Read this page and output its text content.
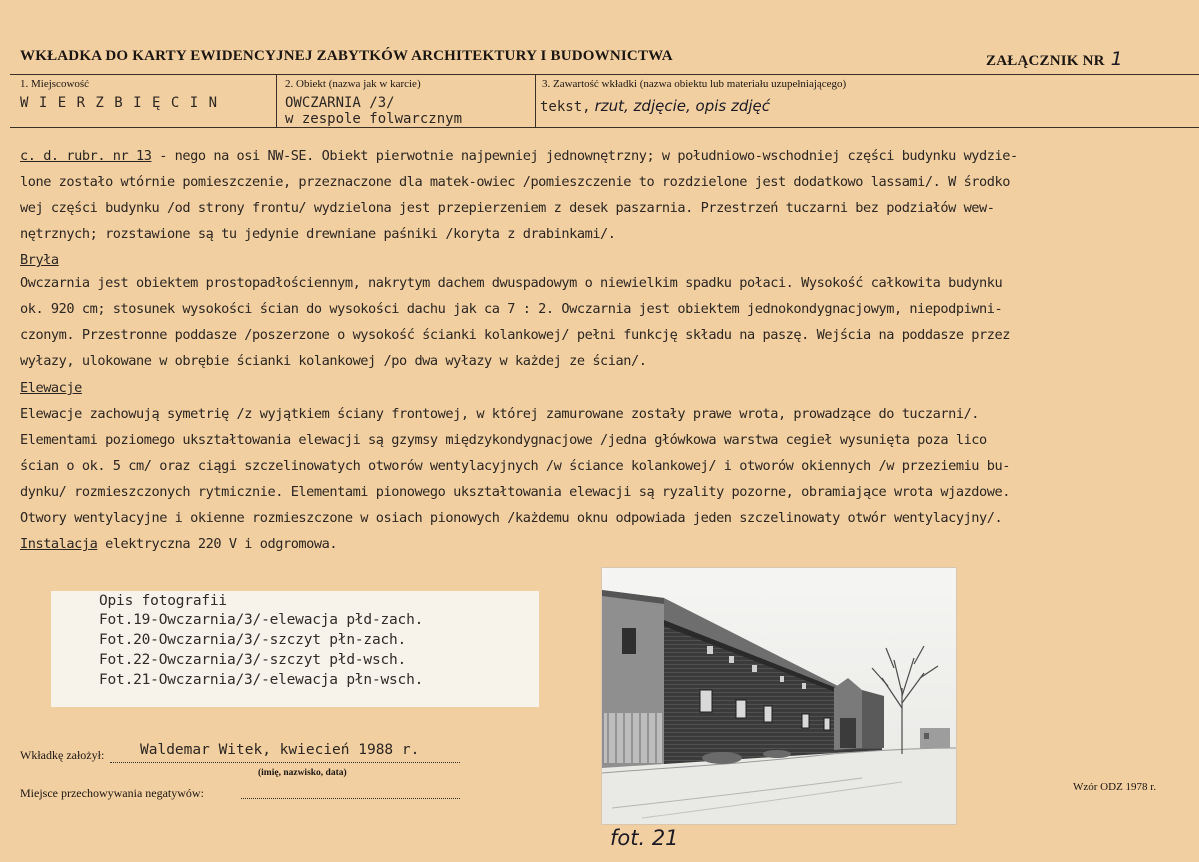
WKŁADKA DO KARTY EWIDENCYJNEJ ZABYTKÓW ARCHITEKTURY I BUDOWNICTWA	ZAŁĄCZNIK NR 1
1. Miejscowość
W I E R Z B I Ę C I N
2. Obiekt (nazwa jak w karcie)
OWCZARNIA /3/
w zespole folwarcznym
3. Zawartość wkładki (nazwa obiektu lub materiału uzupełniającego)
tekst, rzut, zdjęcie, opis zdjęć
c. d. rubr. nr 13 - nego na osi NW-SE. Obiekt pierwotnie najpewniej jednownętrzny; w południowo-wschodniej części budynku wydzie-
lone zostało wtórnie pomieszczenie, przeznaczone dla matek-owiec /pomieszczenie to rozdzielone jest dodatkowo lassami/. W środko
wej części budynku /od strony frontu/ wydzielona jest przepierzeniem z desek paszarnia. Przestrzeń tuczarni bez podziałów wew-
nętrznych; rozstawione są tu jedynie drewniane paśniki /koryta z drabinkami/.
Bryła
Owczarnia jest obiektem prostopadłościennym, nakrytym dachem dwuspadowym o niewielkim spadku połaci. Wysokość całkowita budynku
ok. 920 cm; stosunek wysokości ścian do wysokości dachu jak ca 7 : 2. Owczarnia jest obiektem jednokondygnacjowym, niepodpiwni-
czonym. Przestronne poddasze /poszerzone o wysokość ścianki kolankowej/ pełni funkcję składu na paszę. Wejścia na poddasze przez
wyłazy, ulokowane w obrębie ścianki kolankowej /po dwa wyłazy w każdej ze ścian/.
Elewacje
Elewacje zachowują symetrię /z wyjątkiem ściany frontowej, w której zamurowane zostały prawe wrota, prowadzące do tuczarni/.
Elementami poziomego ukształtowania elewacji są gzymsy międzykondygnacjowe /jedna główkowa warstwa cegieł wysunięta poza lico
ścian o ok. 5 cm/ oraz ciągi szczelinowatych otworów wentylacyjnych /w ściance kolankowej/ i otworów okiennych /w przeziemiu bu-
dynku/ rozmieszczonych rytmicznie. Elementami pionowego ukształtowania elewacji są ryzality pozorne, obramiające wrota wjazdowe.
Otwory wentylacyjne i okienne rozmieszczone w osiach pionowych /każdemu oknu odpowiada jeden szczelinowaty otwór wentylacyjny/.
Instalacja elektryczna 220 V i odgromowa.
Opis fotografii
Fot.19-Owczarnia/3/-elewacja płd-zach.
Fot.20-Owczarnia/3/-szczyt płn-zach.
Fot.22-Owczarnia/3/-szczyt płd-wsch.
Fot.21-Owczarnia/3/-elewacja płn-wsch.
Wkładkę założył: Waldemar Witek, kwiecień 1988 r.
(imię, nazwisko, data)
Miejsce przechowywania negatywów:	Wzór ODZ 1978 r.
fot. 21
